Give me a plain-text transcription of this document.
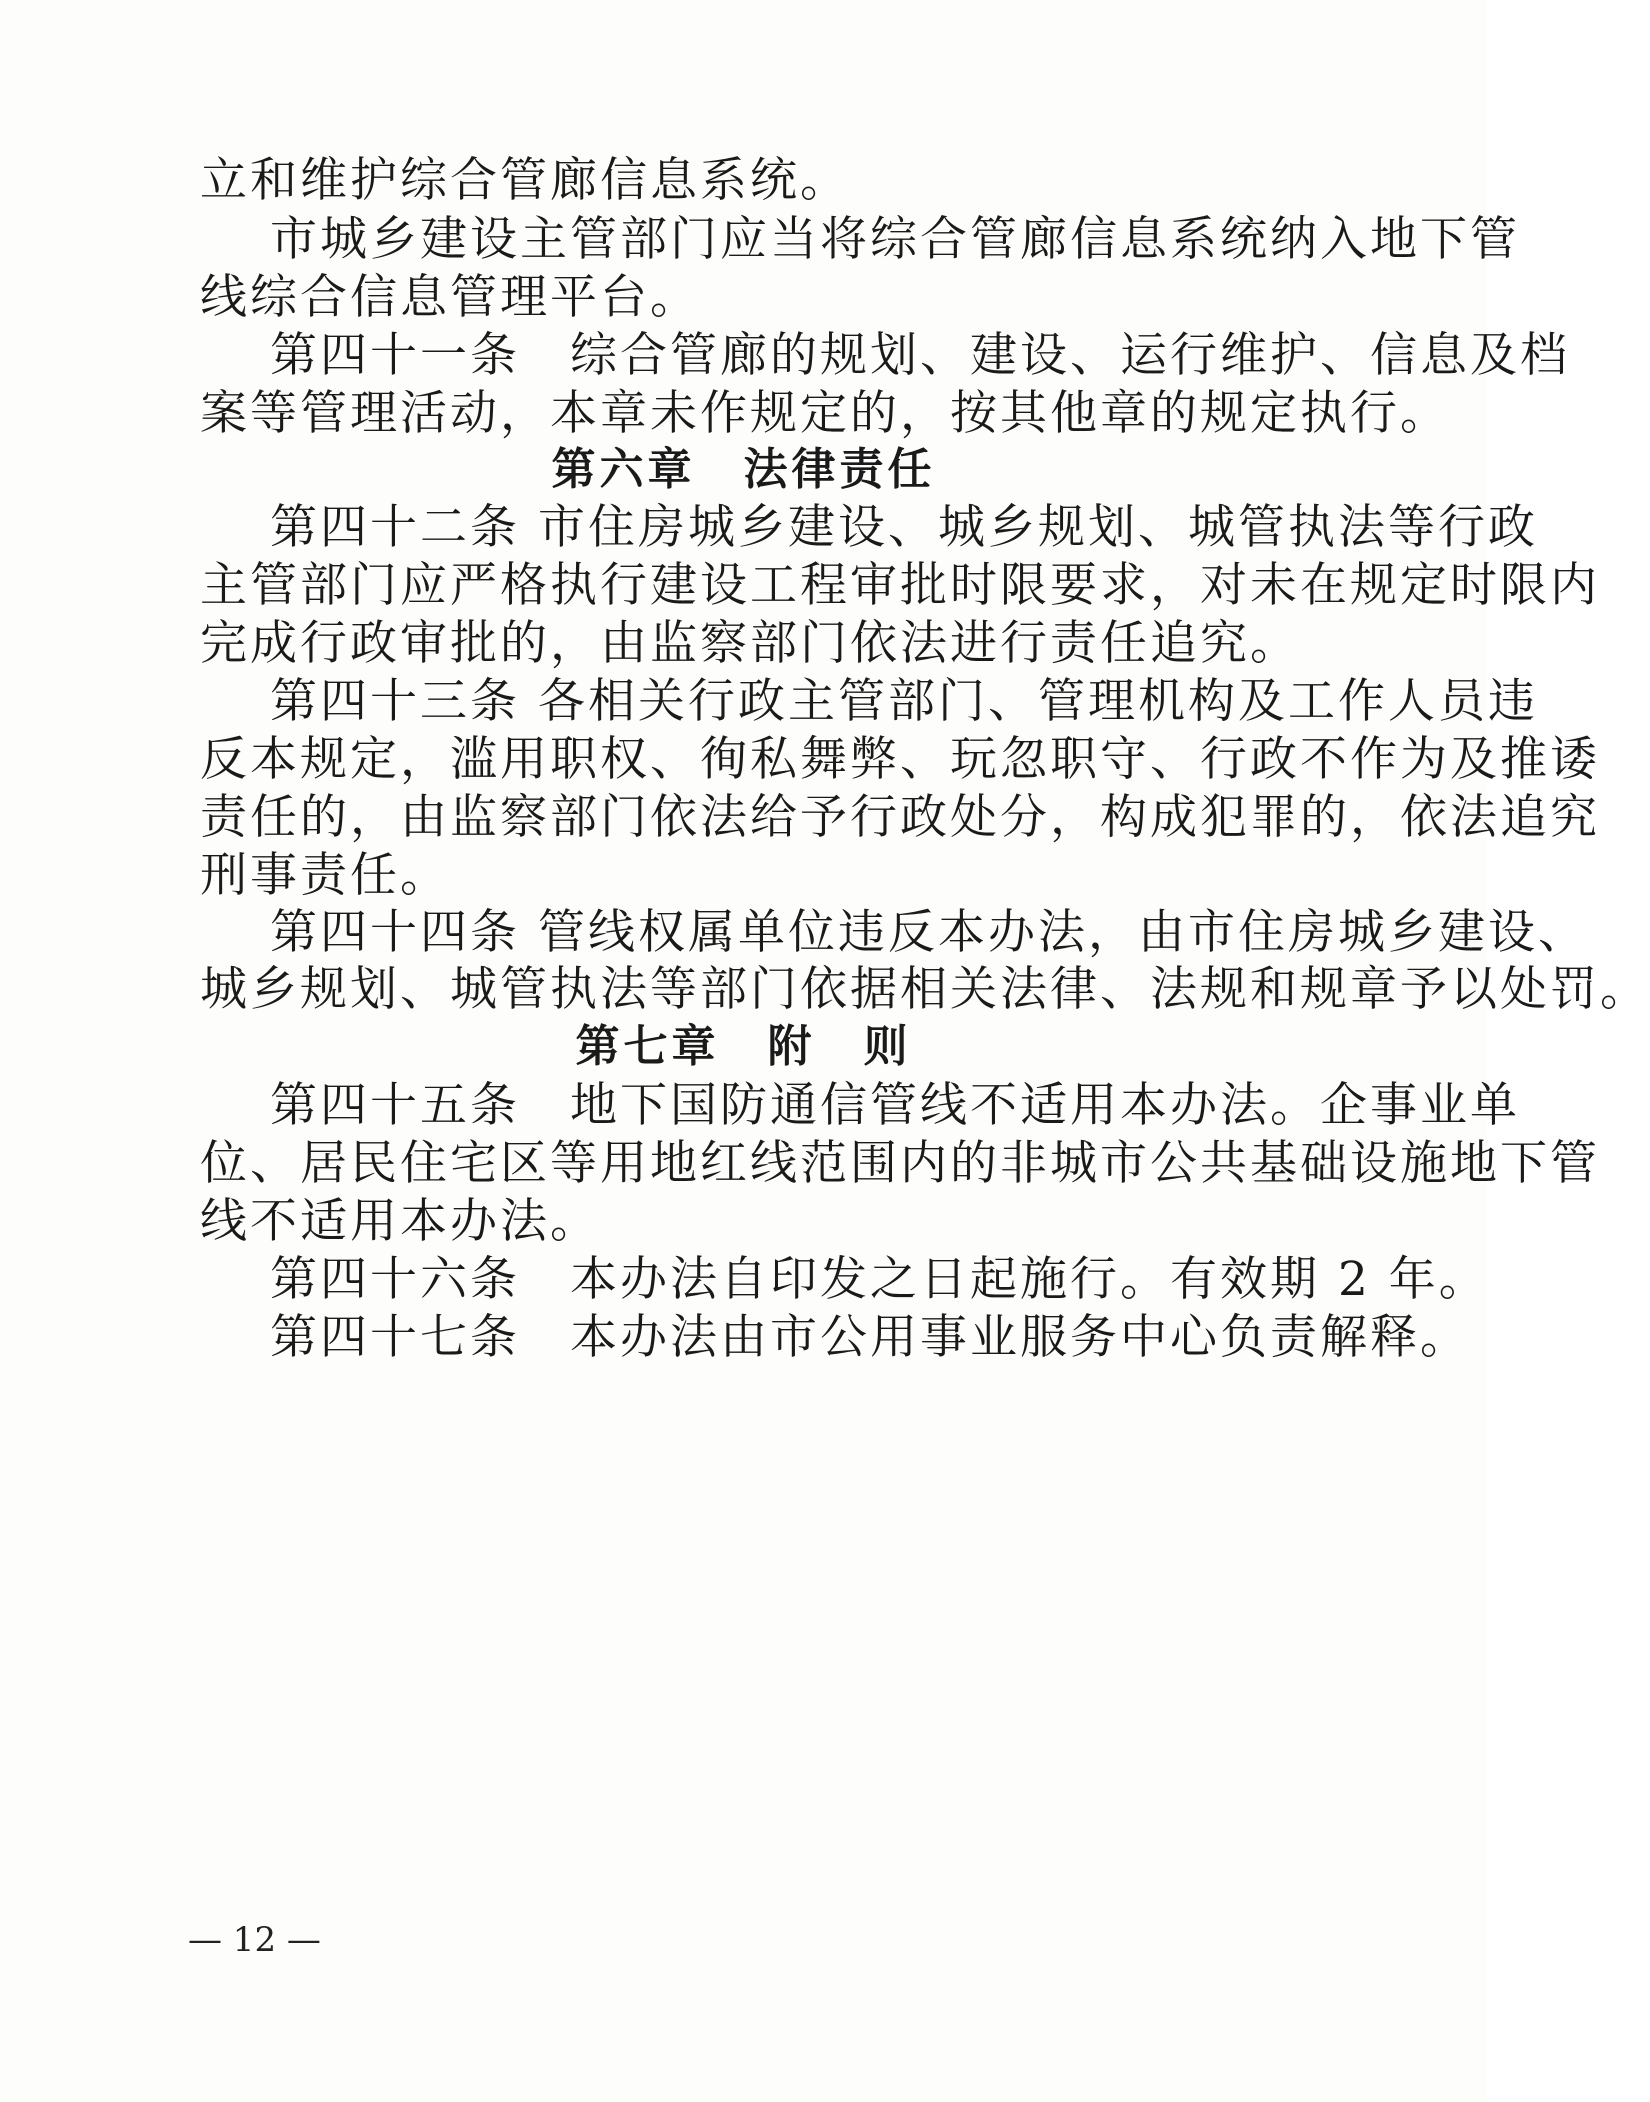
立和维护综合管廊信息系统。
市城乡建设主管部门应当将综合管廊信息系统纳入地下管
线综合信息管理平台。
第四十一条　综合管廊的规划、建设、运行维护、信息及档
案等管理活动，本章未作规定的，按其他章的规定执行。
第六章　法律责任
第四十二条 市住房城乡建设、城乡规划、城管执法等行政
主管部门应严格执行建设工程审批时限要求，对未在规定时限内
完成行政审批的，由监察部门依法进行责任追究。
第四十三条 各相关行政主管部门、管理机构及工作人员违
反本规定，滥用职权、徇私舞弊、玩忽职守、行政不作为及推诿
责任的，由监察部门依法给予行政处分，构成犯罪的，依法追究
刑事责任。
第四十四条 管线权属单位违反本办法，由市住房城乡建设、
城乡规划、城管执法等部门依据相关法律、法规和规章予以处罚。
第七章　附　则
第四十五条　地下国防通信管线不适用本办法。企事业单
位、居民住宅区等用地红线范围内的非城市公共基础设施地下管
线不适用本办法。
第四十六条　本办法自印发之日起施行。有效期 2 年。
第四十七条　本办法由市公用事业服务中心负责解释。
— 12 —
